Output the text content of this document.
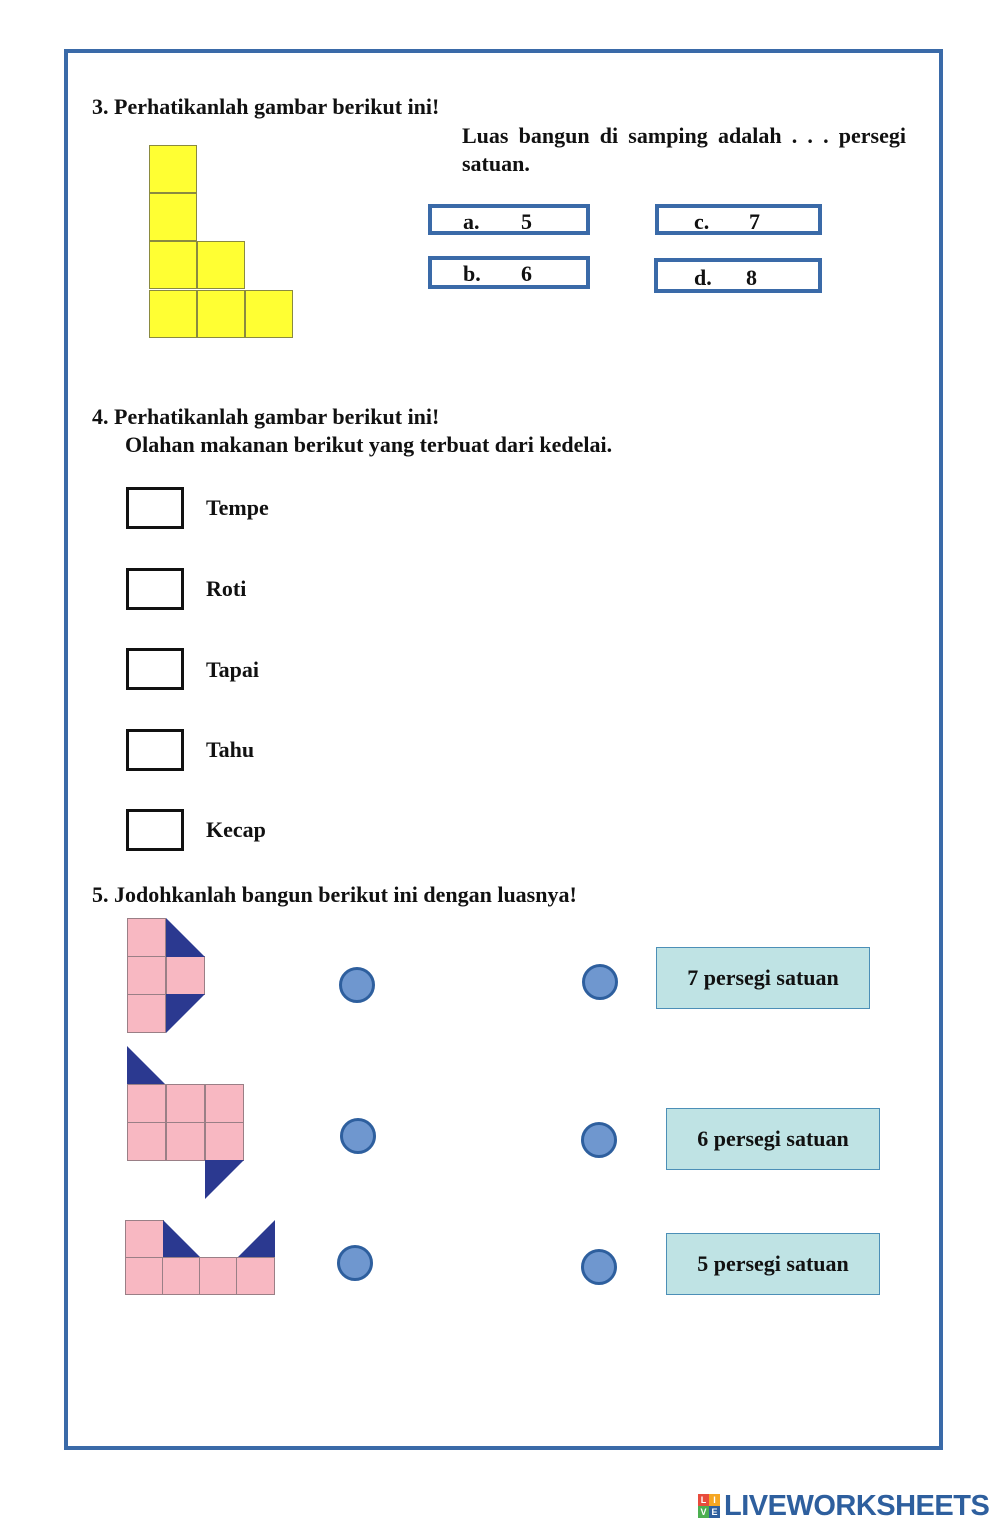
3. Perhatikanlah gambar berikut ini!
Luas bangun di samping adalah . . . persegi satuan.
a. 5
b. 6
c. 7
d. 8
4. Perhatikanlah gambar berikut ini!
Olahan makanan berikut yang terbuat dari kedelai.
Tempe
Roti
Tapai
Tahu
Kecap
5. Jodohkanlah bangun berikut ini dengan luasnya!
7 persegi satuan
6 persegi satuan
5 persegi satuan
L I
V E LIVEWORKSHEETS
